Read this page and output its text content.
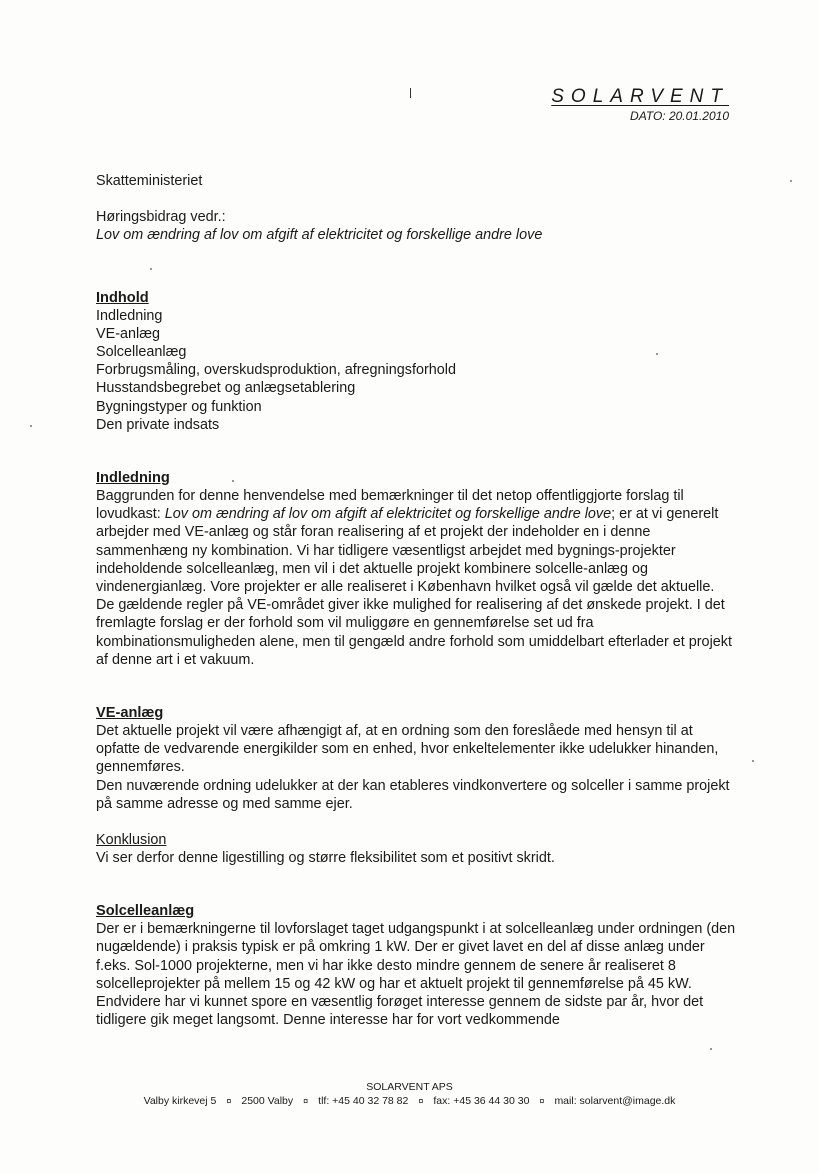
SOLARVENT
DATO: 20.01.2010

Skatteministeriet

Høringsbidrag vedr.:

Lov om ændring af lov om afgift af elektricitet og forskellige andre love

Indhold
Indledning
VE-anlæg
Solcelleanlæg
Forbrugsmåling, overskudsproduktion, afregningsforhold
Husstandsbegrebet og anlægsetablering
Bygningstyper og funktion
Den private indsats
Indledning

Baggrunden for denne henvendelse med bemærkninger til det netop offentliggjorte forslag til lovudkast: Lov om ændring af lov om afgift af elektricitet og forskellige andre love; er at vi generelt arbejder med VE-anlæg og står foran realisering af et projekt der indeholder en i denne sammenhæng ny kombination. Vi har tidligere væsentligst arbejdet med bygnings-projekter indeholdende solcelleanlæg, men vil i det aktuelle projekt kombinere solcelle-anlæg og vindenergianlæg. Vore projekter er alle realiseret i København hvilket også vil gælde det aktuelle.

De gældende regler på VE-området giver ikke mulighed for realisering af det ønskede projekt. I det fremlagte forslag er der forhold som vil muliggøre en gennemførelse set ud fra kombinationsmuligheden alene, men til gengæld andre forhold som umiddelbart efterlader et projekt af denne art i et vakuum.

VE-anlæg

Det aktuelle projekt vil være afhængigt af, at en ordning som den foreslåede med hensyn til at opfatte de vedvarende energikilder som en enhed, hvor enkeltelementer ikke udelukker hinanden, gennemføres.

Den nuværende ordning udelukker at der kan etableres vindkonvertere og solceller i samme projekt på samme adresse og med samme ejer.

Konklusion

Vi ser derfor denne ligestilling og større fleksibilitet som et positivt skridt.

Solcelleanlæg

Der er i bemærkningerne til lovforslaget taget udgangspunkt i at solcelleanlæg under ordningen (den nugældende) i praksis typisk er på omkring 1 kW. Der er givet lavet en del af disse anlæg under f.eks. Sol-1000 projekterne, men vi har ikke desto mindre gennem de senere år realiseret 8 solcelleprojekter på mellem 15 og 42 kW og har et aktuelt projekt til gennemførelse på 45 kW.

Endvidere har vi kunnet spore en væsentlig forøget interesse gennem de sidste par år, hvor det tidligere gik meget langsomt. Denne interesse har for vort vedkommende

SOLARVENT APS
Valby kirkevej 5 ¤ 2500 Valby ¤ tlf: +45 40 32 78 82 ¤ fax: +45 36 44 30 30 ¤ mail: solarvent@image.dk
